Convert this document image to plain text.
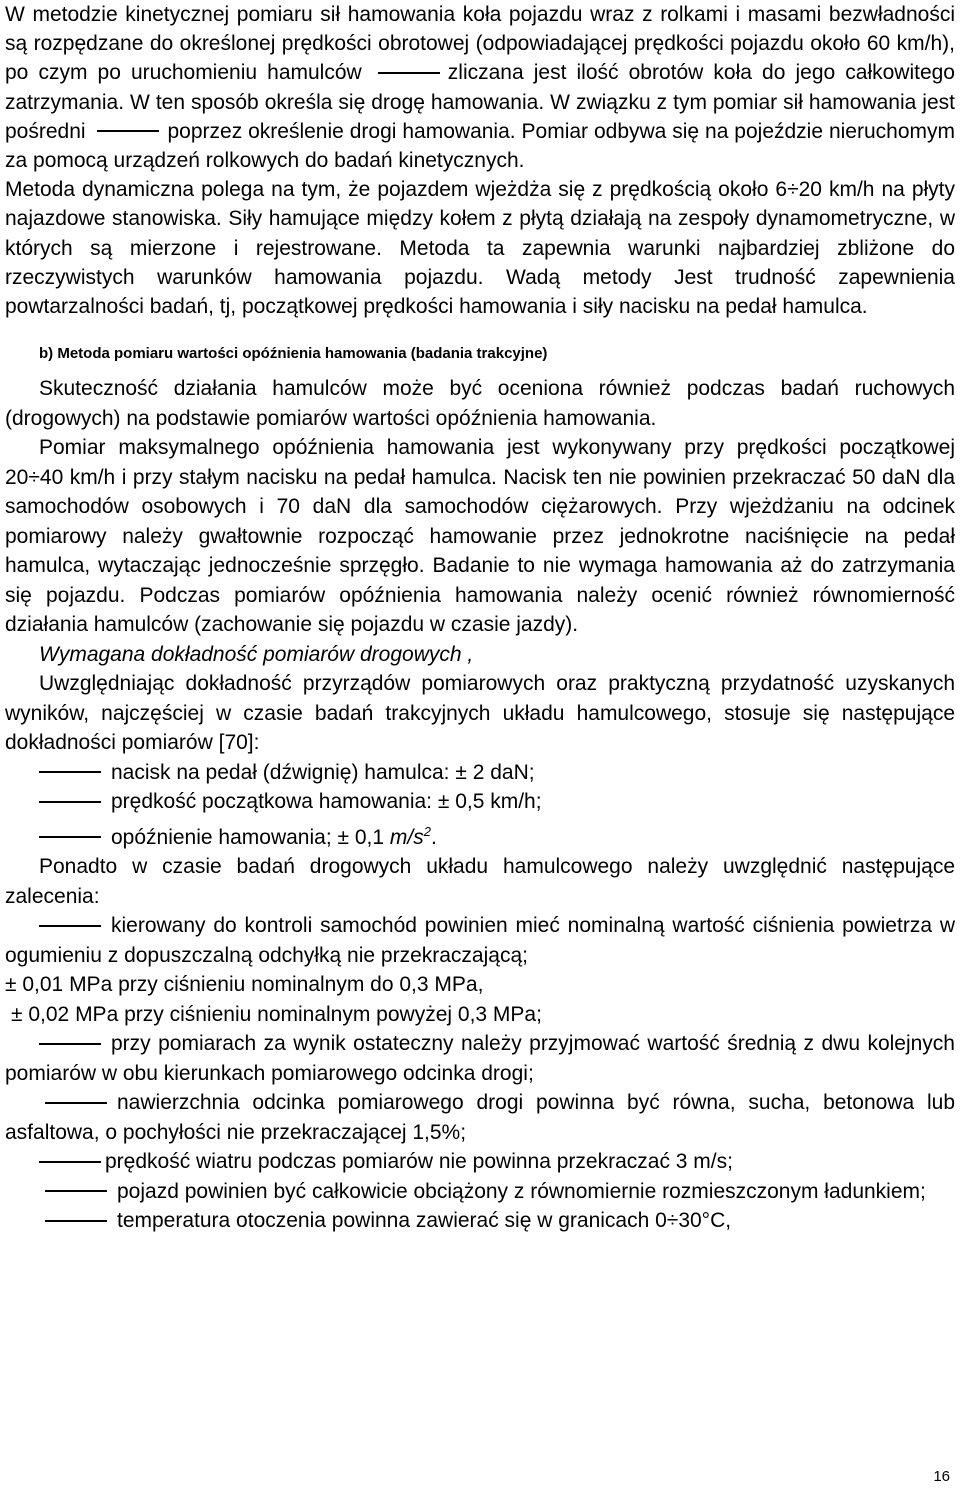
W metodzie kinetycznej pomiaru sił hamowania koła pojazdu wraz z rolkami i masami bezwładności są rozpędzane do określonej prędkości obrotowej (odpowiadającej prędkości pojazdu około 60 km/h), po czym po uruchomieniu hamulców	zliczana jest ilość obrotów koła do jego całkowitego zatrzymania. W ten sposób określa się drogę hamowania. W związku z tym pomiar sił hamowania jest pośredni	poprzez określenie drogi hamowania. Pomiar odbywa się na pojeździe nieruchomym za pomocą urządzeń rolkowych do badań kinetycznych.

Metoda dynamiczna polega na tym, że pojazdem wjeżdża się z prędkością około 6÷20 km/h na płyty najazdowe stanowiska. Siły hamujące między kołem z płytą działają na zespoły dynamometryczne, w których są mierzone i rejestrowane. Metoda ta zapewnia warunki najbardziej zbliżone do rzeczywistych warunków hamowania pojazdu. Wadą metody Jest trudność zapewnienia powtarzalności badań, tj, początkowej prędkości hamowania i siły nacisku na pedał hamulca.

b) Metoda pomiaru wartości opóźnienia hamowania (badania trakcyjne)

Skuteczność działania hamulców może być oceniona również podczas badań ruchowych (drogowych) na podstawie pomiarów wartości opóźnienia hamowania.

Pomiar maksymalnego opóźnienia hamowania jest wykonywany przy prędkości początkowej 20÷40 km/h i przy stałym nacisku na pedał hamulca. Nacisk ten nie powinien przekraczać 50 daN dla samochodów osobowych i 70 daN dla samochodów ciężarowych. Przy wjeżdżaniu na odcinek pomiarowy należy gwałtownie rozpocząć hamowanie przez jednokrotne naciśnięcie na pedał hamulca, wytaczając jednocześnie sprzęgło. Badanie to nie wymaga hamowania aż do zatrzymania się pojazdu. Podczas pomiarów opóźnienia hamowania należy ocenić również równomierność działania hamulców (zachowanie się pojazdu w czasie jazdy).

Wymagana dokładność pomiarów drogowych ,

Uwzględniając dokładność przyrządów pomiarowych oraz praktyczną przydatność uzyskanych wyników, najczęściej w czasie badań trakcyjnych układu hamulcowego, stosuje się następujące dokładności pomiarów [70]:

nacisk na pedał (dźwignię) hamulca: ± 2 daN;

prędkość początkowa hamowania: ± 0,5 km/h;

opóźnienie hamowania; ± 0,1 $m/s^2$.

Ponadto w czasie badań drogowych układu hamulcowego należy uwzględnić następujące zalecenia:

kierowany do kontroli samochód powinien mieć nominalną wartość ciśnienia powietrza w ogumieniu z dopuszczalną odchyłką nie przekraczającą;

± 0,01 MPa przy ciśnieniu nominalnym do 0,3 MPa,

± 0,02 MPa przy ciśnieniu nominalnym powyżej 0,3 MPa;

przy pomiarach za wynik ostateczny należy przyjmować wartość średnią z dwu kolejnych pomiarów w obu kierunkach pomiarowego odcinka drogi;

nawierzchnia odcinka pomiarowego drogi powinna być równa, sucha, betonowa lub asfaltowa, o pochyłości nie przekraczającej 1,5%;

prędkość wiatru podczas pomiarów nie powinna przekraczać 3 m/s;

pojazd powinien być całkowicie obciążony z równomiernie rozmieszczonym ładunkiem;

temperatura otoczenia powinna zawierać się w granicach 0÷30°C,

16
